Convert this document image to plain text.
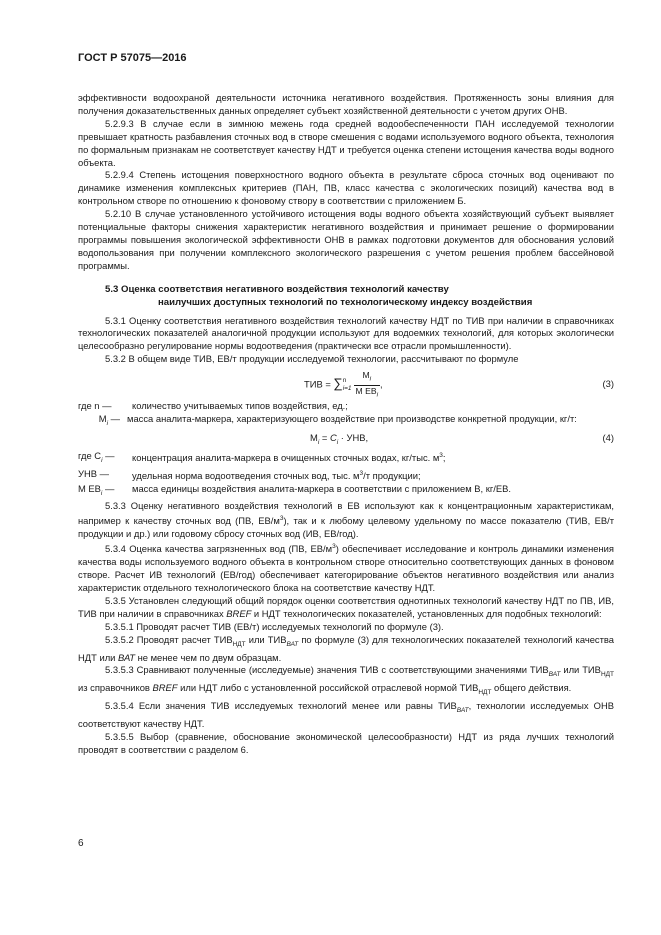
ГОСТ Р 57075—2016

эффективности водоохраной деятельности источника негативного воздействия. Протяженность зоны влияния для получения доказательственных данных определяет субъект хозяйственной деятельности с учетом других ОНВ.

5.2.9.3 В случае если в зимнюю межень года средней водообеспеченности ПАН исследуемой технологии превышает кратность разбавления сточных вод в створе смешения с водами используемого водного объекта, технология по формальным признакам не соответствует качеству НДТ и требуется оценка степени истощения качества воды водного объекта.

5.2.9.4 Степень истощения поверхностного водного объекта в результате сброса сточных вод оценивают по динамике изменения комплексных критериев (ПАН, ПВ, класс качества с экологических позиций) качества вод в контрольном створе по отношению к фоновому створу в соответствии с приложением Б.

5.2.10 В случае установленного устойчивого истощения воды водного объекта хозяйствующий субъект выявляет потенциальные факторы снижения характеристик негативного воздействия и принимает решение о формировании программы повышения экологической эффективности ОНВ в рамках подготовки документов для обоснования условий водопользования при получении комплексного экологического разрешения с учетом решения проблем бассейновой программы.

5.3 Оценка соответствия негативного воздействия технологий качеству
наилучших доступных технологий по технологическому индексу воздействия

5.3.1 Оценку соответствия негативного воздействия технологий качеству НДТ по ТИВ при наличии в справочниках технологических показателей аналогичной продукции используют для водоемких технологий, для которых экологически целесообразно регулирование нормы водоотведения (практически все отрасли промышленности).

5.3.2 В общем виде ТИВ, ЕВ/т продукции исследуемой технологии, рассчитывают по формуле

ТИВ = ∑ n
$i=1 \frac{M_i}{M EB_i}$ ,	(3)
где n —	количество учитываемых типов воздействия, ед.;
$M_i$ — масса аналита-маркера, характеризующего воздействие при производстве конкретной продукции, кг/т:
$M_i = C_i$ · УНВ,	(4)
где $C_i$ —	концентрация аналита-маркера в очищенных сточных водах, кг/тыс. $м^3$;
УНВ —	удельная норма водоотведения сточных вод, тыс. $м^3/т$ продукции;
M $EB_i$ —	масса единицы воздействия аналита-маркера в соответствии с приложением В, кг/ЕВ.

5.3.3 Оценку негативного воздействия технологий в ЕВ используют как к концентрационным характеристикам, например к качеству сточных вод (ПВ, $ЕВ/м^3$), так и к любому целевому удельному по массе показателю (ТИВ, ЕВ/т продукции и др.) или годовому сбросу сточных вод (ИВ, ЕВ/год).

5.3.4 Оценка качества загрязненных вод (ПВ, $ЕВ/м^3$) обеспечивает исследование и контроль динамики изменения качества воды используемого водного объекта в контрольном створе относительно соответствующих данных в фоновом створе. Расчет ИВ технологий (ЕВ/год) обеспечивает категорирование объектов негативного воздействия или анализ характеристик отдельного технологического блока на соответствие качеству НДТ.

5.3.5 Установлен следующий общий порядок оценки соответствия однотипных технологий качеству НДТ по ПВ, ИВ, ТИВ при наличии в справочниках BREF и НДТ технологических показателей, установленных для подобных технологий:

5.3.5.1 Проводят расчет ТИВ (ЕВ/т) исследуемых технологий по формуле (3).

5.3.5.2 Проводят расчет $ТИВ_{НДТ}$ или $ТИВ_{ВАТ}$ по формуле (3) для технологических показателей технологий качества НДТ или ВАТ не менее чем по двум образцам.

5.3.5.3 Сравнивают полученные (исследуемые) значения ТИВ с соответствующими значениями $ТИВ_{ВАТ}$ или $ТИВ_{НДТ}$ из справочников BREF или НДТ либо с установленной российской отраслевой нормой $ТИВ_{НДТ}$ общего действия.

5.3.5.4 Если значения ТИВ исследуемых технологий менее или равны $ТИВ_{ВАТ}$, технологии исследуемых ОНВ соответствуют качеству НДТ.

5.3.5.5 Выбор (сравнение, обоснование экономической целесообразности) НДТ из ряда лучших технологий проводят в соответствии с разделом 6.

6
